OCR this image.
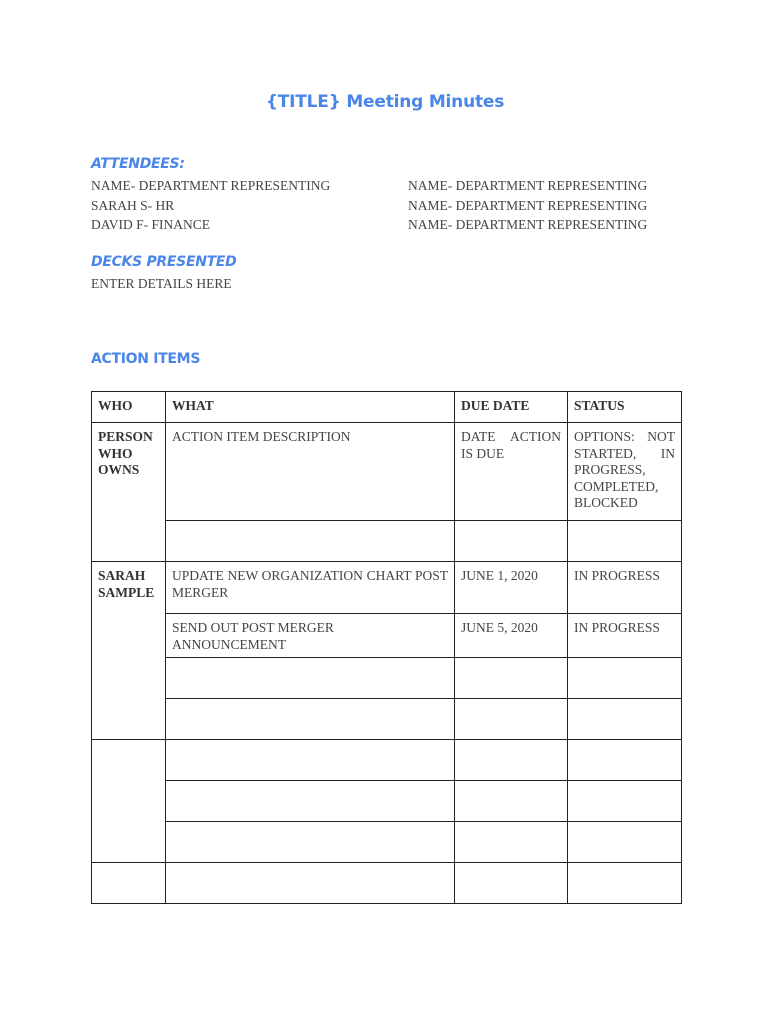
{TITLE} Meeting Minutes
ATTENDEES:
NAME- DEPARTMENT REPRESENTING
SARAH S- HR
DAVID F- FINANCE
NAME- DEPARTMENT REPRESENTING
NAME- DEPARTMENT REPRESENTING
NAME- DEPARTMENT REPRESENTING
DECKS PRESENTED
ENTER DETAILS HERE
ACTION ITEMS
WHO	WHAT	DUE DATE	STATUS

PERSON WHO OWNS	ACTION ITEM DESCRIPTION	DATE ACTION IS DUE	OPTIONS: NOT STARTED, IN PROGRESS, COMPLETED, BLOCKED

SARAH SAMPLE	UPDATE NEW ORGANIZATION CHART POST MERGER	JUNE 1, 2020	IN PROGRESS
	SEND OUT POST MERGER ANNOUNCEMENT	JUNE 5, 2020	IN PROGRESS
